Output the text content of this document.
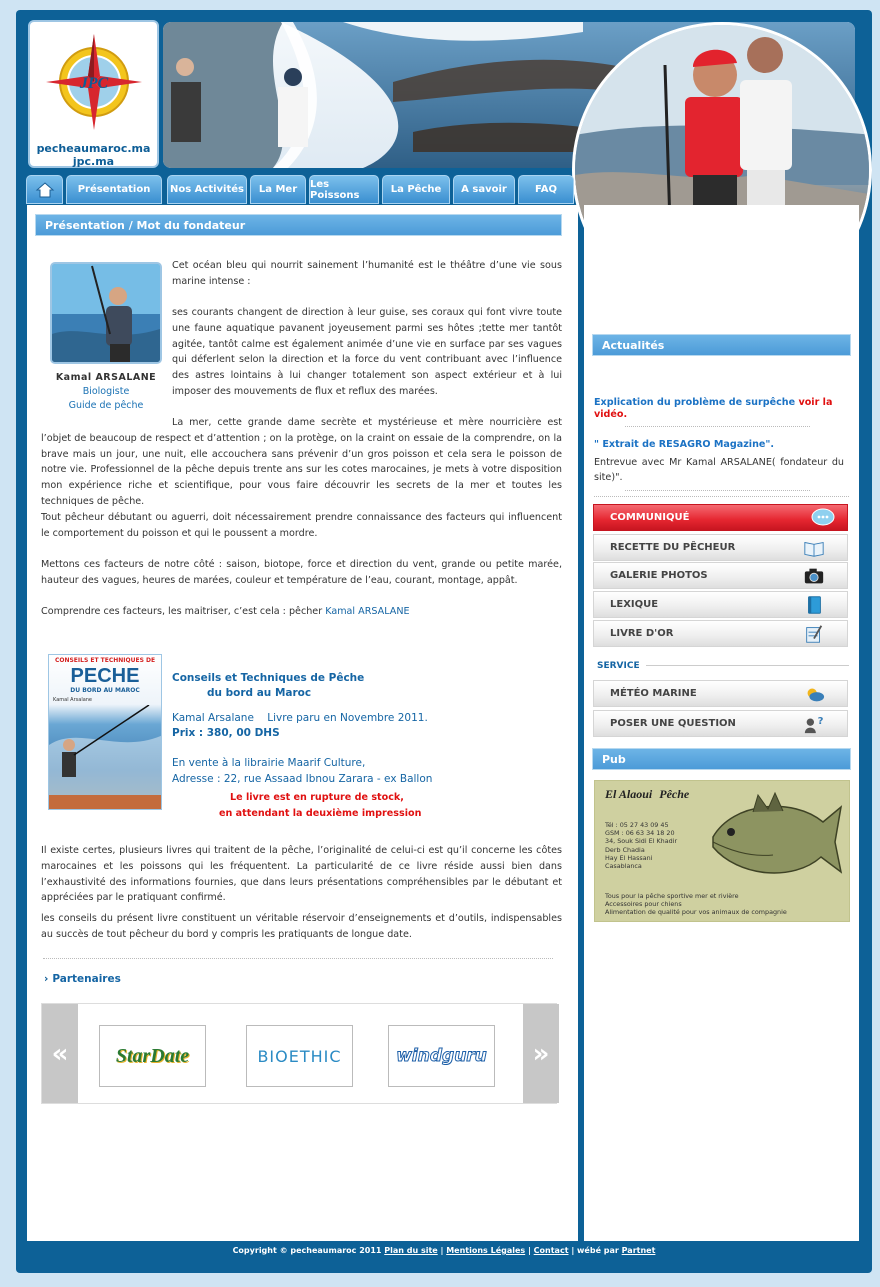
JPC
pecheaumaroc.ma
jpc.ma
Présentation	Nos Activités	La Mer	Les Poissons	La Pêche	A savoir	FAQ
Présentation / Mot du fondateur
Kamal ARSALANE
Biologiste
Guide de pêche
Cet océan bleu qui nourrit sainement l’humanité est le théâtre d’une vie sous marine intense :
ses courants changent de direction à leur guise, ses coraux qui font vivre toute une faune aquatique pavanent joyeusement parmi ses hôtes ;tette mer tantôt agitée, tantôt calme est également animée d’une vie en surface par ses vagues qui déferlent selon la direction et la force du vent contribuant avec l’influence des astres lointains à lui changer totalement son aspect extérieur et à lui imposer des mouvements de flux et reflux des marées.
La mer, cette grande dame secrète et mystérieuse et mère nourricière est l’objet de beaucoup de respect et d’attention ; on la protège, on la craint on essaie de la comprendre, on la brave mais un jour, une nuit, elle accouchera sans prévenir d’un gros poisson et cela sera le poisson de notre vie. Professionnel de la pêche depuis trente ans sur les cotes marocaines, je mets à votre disposition mon expérience riche et scientifique, pour vous faire découvrir les secrets de la mer et toutes les techniques de pêche.
Tout pêcheur débutant ou aguerri, doit nécessairement prendre connaissance des facteurs qui influencent le comportement du poisson et qui le poussent a mordre.
Mettons ces facteurs de notre côté : saison, biotope, force et direction du vent, grande ou petite marée, hauteur des vagues, heures de marées, couleur et température de l’eau, courant, montage, appât.
Comprendre ces facteurs, les maitriser, c’est cela : pêcher Kamal ARSALANE
CONSEILS ET TECHNIQUES DE
PECHE
DU BORD AU MAROC
Kamal Arsalane
Conseils et Techniques de Pêche
du bord au Maroc
Kamal Arsalane    Livre paru en Novembre 2011.
Prix : 380, 00 DHS
En vente à la librairie Maarif Culture,
Adresse : 22, rue Assaad Ibnou Zarara - ex Ballon
Le livre est en rupture de stock,
en attendant la deuxième impression
Il existe certes, plusieurs livres qui traitent de la pêche, l’originalité de celui-ci est qu’il concerne les côtes marocaines et les poissons qui les fréquentent. La particularité de ce livre réside aussi bien dans l’exhaustivité des informations fournies, que dans leurs présentations compréhensibles par le débutant et appréciées par le pratiquant confirmé.
les conseils du présent livre constituent un véritable réservoir d’enseignements et d’outils, indispensables au succès de tout pêcheur du bord y compris les pratiquants de longue date.
› Partenaires
«	StarDate	BIOETHIC	windguru	»
Actualités
Explication du problème de surpêche voir la vidéo.
" Extrait de RESAGRO Magazine".
Entrevue avec Mr Kamal ARSALANE( fondateur du site)".
COMMUNIQUÉ
RECETTE DU PÊCHEUR
GALERIE PHOTOS
LEXIQUE
LIVRE D'OR
SERVICE
MÉTÉO MARINE
POSER UNE QUESTION	?
Pub
El Alaoui Pêche
Tél : 05 27 43 09 45
GSM : 06 63 34 18 20
34, Souk Sidi El Khadir
Derb Chadia
Hay El Hassani
Casablanca
Tous pour la pêche sportive mer et rivière
Accessoires pour chiens
Alimentation de qualité pour vos animaux de compagnie
Copyright © pecheaumaroc 2011 Plan du site | Mentions Légales | Contact | wébé par Partnet
